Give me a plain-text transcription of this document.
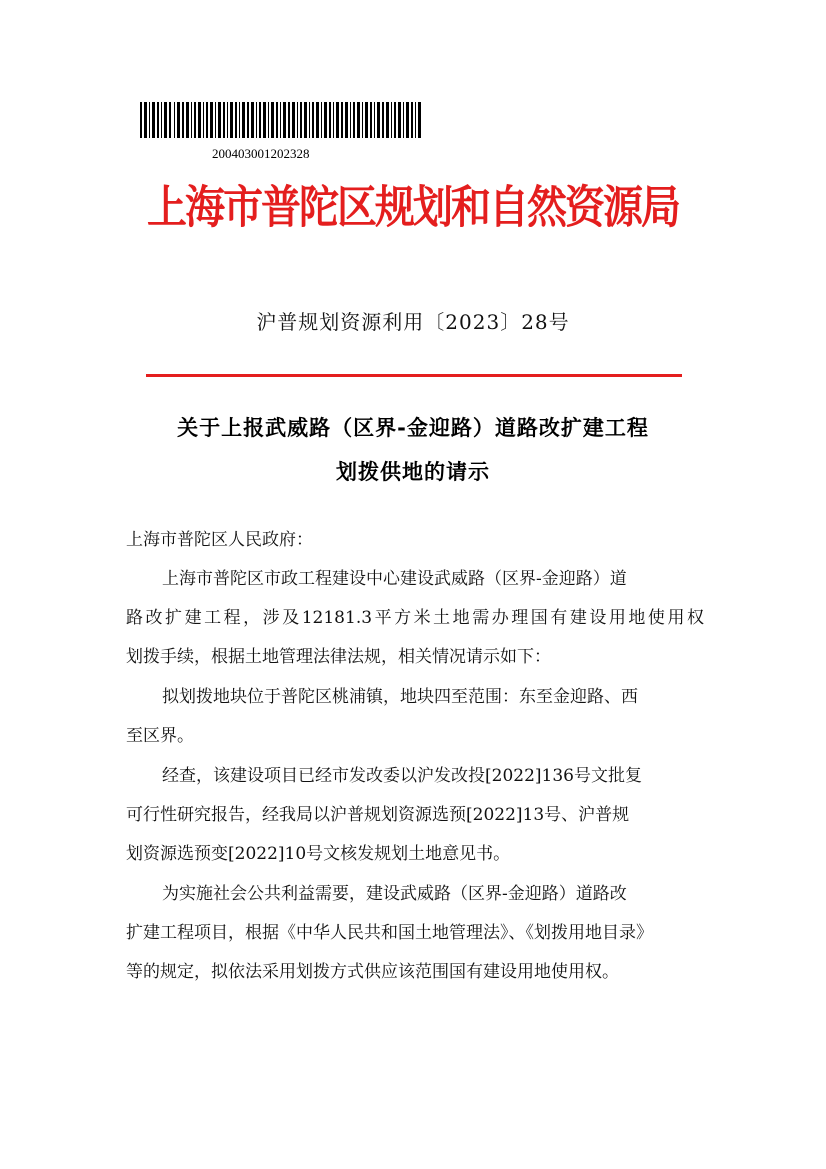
200403001202328
上海市普陀区规划和自然资源局
沪普规划资源利用〔2023〕28号
关于上报武威路（区界-金迎路）道路改扩建工程
划拨供地的请示
上海市普陀区人民政府：
上海市普陀区市政工程建设中心建设武威路（区界-金迎路）道
路改扩建工程，涉及12181.3平方米土地需办理国有建设用地使用权
划拨手续，根据土地管理法律法规，相关情况请示如下：
拟划拨地块位于普陀区桃浦镇，地块四至范围：东至金迎路、西
至区界。
经查，该建设项目已经市发改委以沪发改投[2022]136号文批复
可行性研究报告，经我局以沪普规划资源选预[2022]13号、沪普规
划资源选预变[2022]10号文核发规划土地意见书。
为实施社会公共利益需要，建设武威路（区界-金迎路）道路改
扩建工程项目，根据《中华人民共和国土地管理法》、《划拨用地目录》
等的规定，拟依法采用划拨方式供应该范围国有建设用地使用权。
